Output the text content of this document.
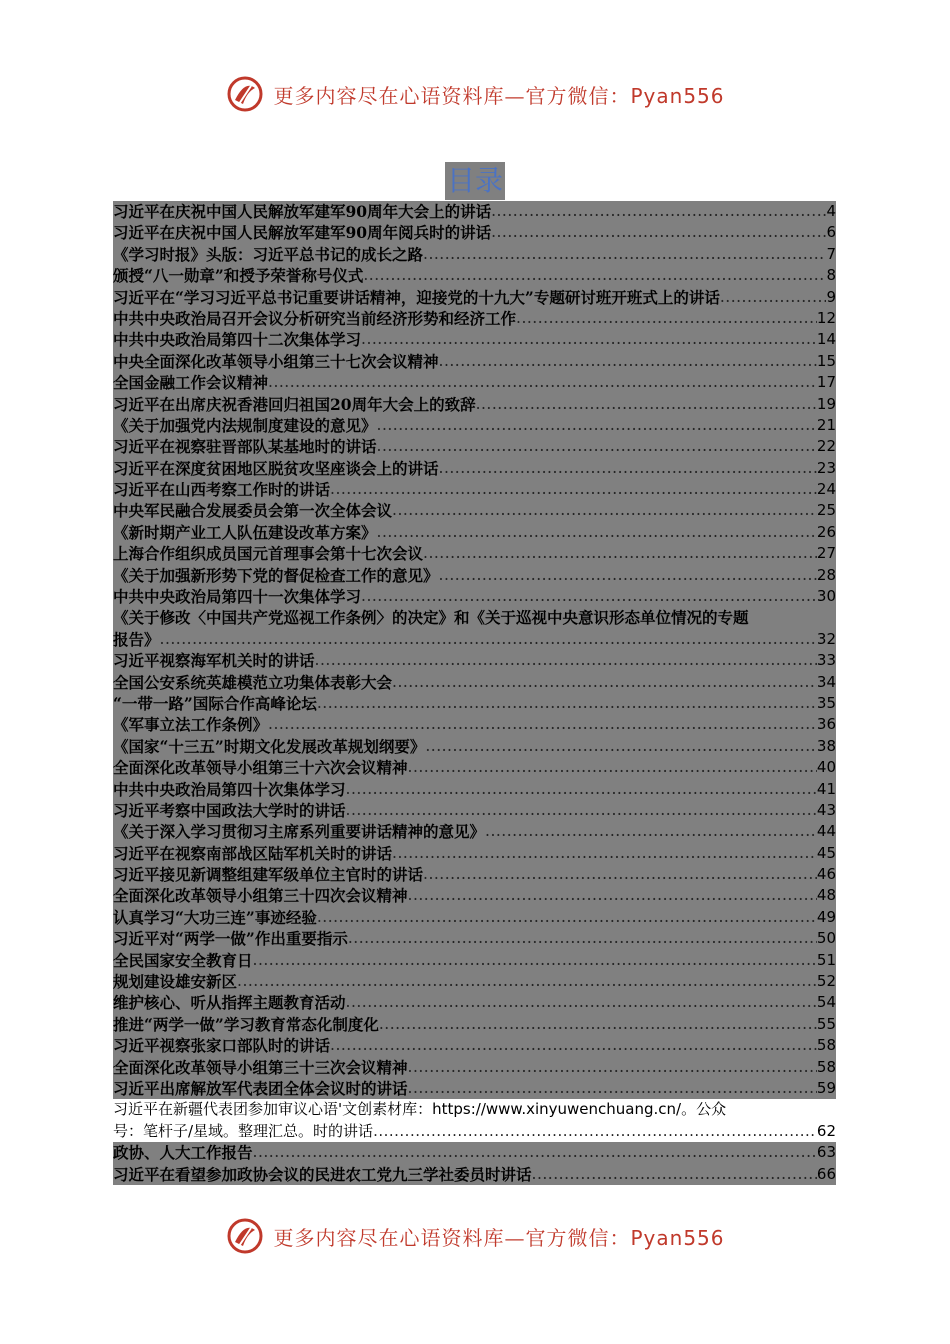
更多内容尽在心语资料库—官方微信：Pyan556
目录
习近平在庆祝中国人民解放军建军90周年大会上的讲话 .....	4
习近平在庆祝中国人民解放军建军90周年阅兵时的讲话 .....	6
《学习时报》头版：习近平总书记的成长之路 .....	7
颁授“八一勋章”和授予荣誉称号仪式 .....	8
习近平在“学习习近平总书记重要讲话精神，迎接党的十九大”专题研讨班开班式上的讲话 .....	9
中共中央政治局召开会议分析研究当前经济形势和经济工作 .....	12
中共中央政治局第四十二次集体学习 .....	14
中央全面深化改革领导小组第三十七次会议精神 .....	15
全国金融工作会议精神 .....	17
习近平在出席庆祝香港回归祖国20周年大会上的致辞 .....	19
《关于加强党内法规制度建设的意见》 .....	21
习近平在视察驻晋部队某基地时的讲话 .....	22
习近平在深度贫困地区脱贫攻坚座谈会上的讲话 .....	23
习近平在山西考察工作时的讲话 .....	24
中央军民融合发展委员会第一次全体会议 .....	25
《新时期产业工人队伍建设改革方案》 .....	26
上海合作组织成员国元首理事会第十七次会议 .....	27
《关于加强新形势下党的督促检查工作的意见》 .....	28
中共中央政治局第四十一次集体学习 .....	30
《关于修改〈中国共产党巡视工作条例〉的决定》和《关于巡视中央意识形态单位情况的专题
报告》 .....	32
习近平视察海军机关时的讲话 .....	33
全国公安系统英雄模范立功集体表彰大会 .....	34
“一带一路”国际合作高峰论坛 .....	35
《军事立法工作条例》 .....	36
《国家“十三五”时期文化发展改革规划纲要》 .....	38
全面深化改革领导小组第三十六次会议精神 .....	40
中共中央政治局第四十次集体学习 .....	41
习近平考察中国政法大学时的讲话 .....	43
《关于深入学习贯彻习主席系列重要讲话精神的意见》 .....	44
习近平在视察南部战区陆军机关时的讲话 .....	45
习近平接见新调整组建军级单位主官时的讲话 .....	46
全面深化改革领导小组第三十四次会议精神 .....	48
认真学习“大功三连”事迹经验 .....	49
习近平对“两学一做”作出重要指示 .....	50
全民国家安全教育日 .....	51
规划建设雄安新区 .....	52
维护核心、听从指挥主题教育活动 .....	54
推进“两学一做”学习教育常态化制度化 .....	55
习近平视察张家口部队时的讲话 .....	58
全面深化改革领导小组第三十三次会议精神 .....	58
习近平出席解放军代表团全体会议时的讲话 .....	59
习近平在新疆代表团参加审议心语'文创素材库：https://www.xinyuwenchuang.cn/。公众
号：笔杆子/星域。整理汇总。时的讲话 .....	62
政协、人大工作报告 .....	63
习近平在看望参加政协会议的民进农工党九三学社委员时讲话 .....	66
更多内容尽在心语资料库—官方微信：Pyan556
